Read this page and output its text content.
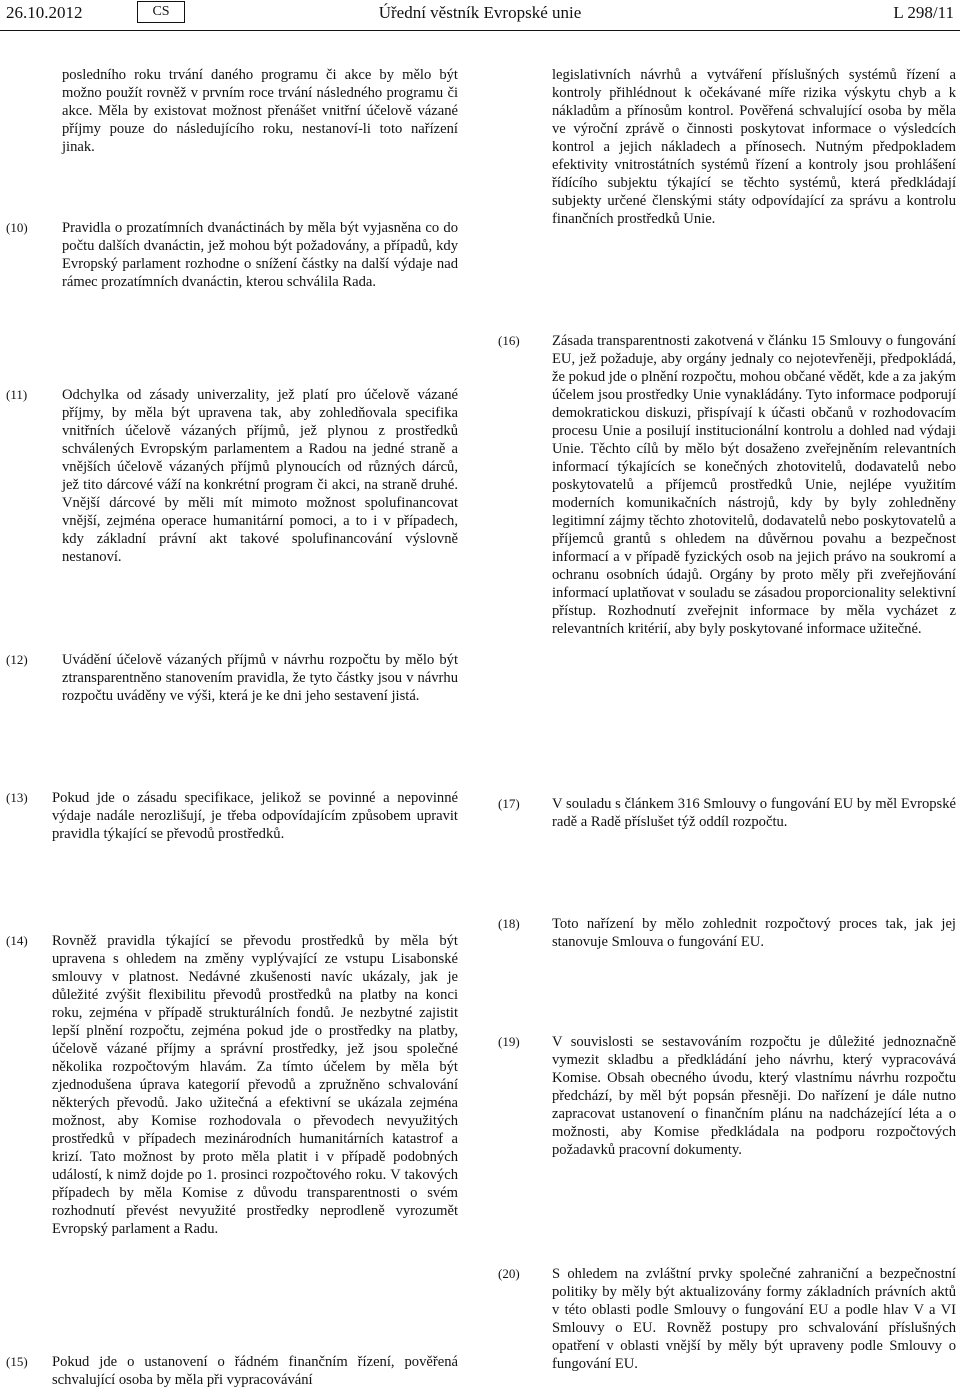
26.10.2012	CS	Úřední věstník Evropské unie	L 298/11

posledního roku trvání daného programu či akce by mělo být možno použít rovněž v prvním roce trvání následného programu či akce. Měla by existovat možnost přenášet vnitřní účelově vázané příjmy pouze do následujícího roku, nestanoví-li toto nařízení jinak.

(10) Pravidla o prozatímních dvanáctinách by měla být vyjasněna co do počtu dalších dvanáctin, jež mohou být požadovány, a případů, kdy Evropský parlament rozhodne o snížení částky na další výdaje nad rámec prozatímních dvanáctin, kterou schválila Rada.

(11) Odchylka od zásady univerzality, jež platí pro účelově vázané příjmy, by měla být upravena tak, aby zohledňovala specifika vnitřních účelově vázaných příjmů, jež plynou z prostředků schválených Evropským parlamentem a Radou na jedné straně a vnějších účelově vázaných příjmů plynoucích od různých dárců, jež tito dárcové váží na konkrétní program či akci, na straně druhé. Vnější dárcové by měli mít mimoto možnost spolufinancovat vnější, zejména operace humanitární pomoci, a to i v případech, kdy základní právní akt takové spolufinancování výslovně nestanoví.

(12) Uvádění účelově vázaných příjmů v návrhu rozpočtu by mělo být ztransparentněno stanovením pravidla, že tyto částky jsou v návrhu rozpočtu uváděny ve výši, která je ke dni jeho sestavení jistá.

(13) Pokud jde o zásadu specifikace, jelikož se povinné a nepovinné výdaje nadále nerozlišují, je třeba odpovídajícím způsobem upravit pravidla týkající se převodů prostředků.

(14) Rovněž pravidla týkající se převodu prostředků by měla být upravena s ohledem na změny vyplývající ze vstupu Lisabonské smlouvy v platnost. Nedávné zkušenosti navíc ukázaly, jak je důležité zvýšit flexibilitu převodů prostředků na platby na konci roku, zejména v případě strukturálních fondů. Je nezbytné zajistit lepší plnění rozpočtu, zejména pokud jde o prostředky na platby, účelově vázané příjmy a správní prostředky, jež jsou společné několika rozpočtovým hlavám. Za tímto účelem by měla být zjednodušena úprava kategorií převodů a zpružněno schvalování některých převodů. Jako užitečná a efektivní se ukázala zejména možnost, aby Komise rozhodovala o převodech nevyužitých prostředků v případech mezinárodních humanitárních katastrof a krizí. Tato možnost by proto měla platit i v případě podobných událostí, k nimž dojde po 1. prosinci rozpočtového roku. V takových případech by měla Komise z důvodu transparentnosti o svém rozhodnutí převést nevyužité prostředky neprodleně vyrozumět Evropský parlament a Radu.

(15) Pokud jde o ustanovení o řádném finančním řízení, pověřená schvalující osoba by měla při vypracovávání

legislativních návrhů a vytváření příslušných systémů řízení a kontroly přihlédnout k očekávané míře rizika výskytu chyb a k nákladům a přínosům kontrol. Pověřená schvalující osoba by měla ve výroční zprávě o činnosti poskytovat informace o výsledcích kontrol a jejich nákladech a přínosech. Nutným předpokladem efektivity vnitrostátních systémů řízení a kontroly jsou prohlášení řídícího subjektu týkající se těchto systémů, která předkládají subjekty určené členskými státy odpovídající za správu a kontrolu finančních prostředků Unie.

(16) Zásada transparentnosti zakotvená v článku 15 Smlouvy o fungování EU, jež požaduje, aby orgány jednaly co nejotevřeněji, předpokládá, že pokud jde o plnění rozpočtu, mohou občané vědět, kde a za jakým účelem jsou prostředky Unie vynakládány. Tyto informace podporují demokratickou diskuzi, přispívají k účasti občanů v rozhodovacím procesu Unie a posilují institucionální kontrolu a dohled nad výdaji Unie. Těchto cílů by mělo být dosaženo zveřejněním relevantních informací týkajících se konečných zhotovitelů, dodavatelů nebo poskytovatelů a příjemců prostředků Unie, nejlépe využitím moderních komunikačních nástrojů, kdy by byly zohledněny legitimní zájmy těchto zhotovitelů, dodavatelů nebo poskytovatelů a příjemců grantů s ohledem na důvěrnou povahu a bezpečnost informací a v případě fyzických osob na jejich právo na soukromí a ochranu osobních údajů. Orgány by proto měly při zveřejňování informací uplatňovat v souladu se zásadou proporcionality selektivní přístup. Rozhodnutí zveřejnit informace by měla vycházet z relevantních kritérií, aby byly poskytované informace užitečné.

(17) V souladu s článkem 316 Smlouvy o fungování EU by měl Evropské radě a Radě příslušet týž oddíl rozpočtu.

(18) Toto nařízení by mělo zohlednit rozpočtový proces tak, jak jej stanovuje Smlouva o fungování EU.

(19) V souvislosti se sestavováním rozpočtu je důležité jednoznačně vymezit skladbu a předkládání jeho návrhu, který vypracovává Komise. Obsah obecného úvodu, který vlastnímu návrhu rozpočtu předchází, by měl být popsán přesněji. Do nařízení je dále nutno zapracovat ustanovení o finančním plánu na nadcházející léta a o možnosti, aby Komise předkládala na podporu rozpočtových požadavků pracovní dokumenty.

(20) S ohledem na zvláštní prvky společné zahraniční a bezpečnostní politiky by měly být aktualizovány formy základních právních aktů v této oblasti podle Smlouvy o fungování EU a podle hlav V a VI Smlouvy o EU. Rovněž postupy pro schvalování příslušných opatření v oblasti vnější by měly být upraveny podle Smlouvy o fungování EU.
